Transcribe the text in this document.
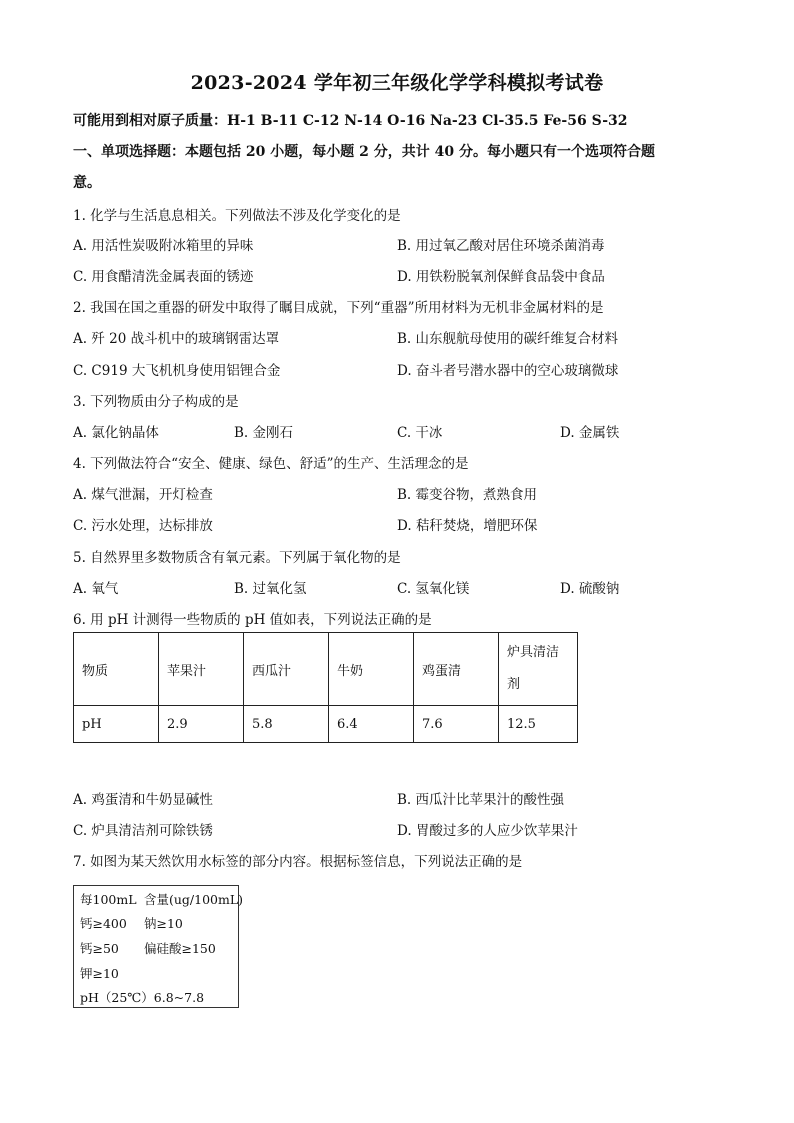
2023-2024 学年初三年级化学学科模拟考试卷
可能用到相对原子质量：H-1 B-11 C-12 N-14 O-16 Na-23 Cl-35.5 Fe-56 S-32
一、单项选择题：本题包括 20 小题，每小题 2 分，共计 40 分。每小题只有一个选项符合题
意。
1. 化学与生活息息相关。下列做法不涉及化学变化的是
A. 用活性炭吸附冰箱里的异味	B. 用过氧乙酸对居住环境杀菌消毒
C. 用食醋清洗金属表面的锈迹	D. 用铁粉脱氧剂保鲜食品袋中食品
2. 我国在国之重器的研发中取得了瞩目成就，下列“重器”所用材料为无机非金属材料的是
A. 歼 20 战斗机中的玻璃钢雷达罩	B. 山东舰航母使用的碳纤维复合材料
C. C919 大飞机机身使用铝锂合金	D. 奋斗者号潜水器中的空心玻璃微球
3. 下列物质由分子构成的是
A. 氯化钠晶体	B. 金刚石	C. 干冰	D. 金属铁
4. 下列做法符合“安全、健康、绿色、舒适”的生产、生活理念的是
A. 煤气泄漏，开灯检查	B. 霉变谷物，煮熟食用
C. 污水处理，达标排放	D. 秸秆焚烧，增肥环保
5. 自然界里多数物质含有氧元素。下列属于氧化物的是
A. 氧气	B. 过氧化氢	C. 氢氧化镁	D. 硫酸钠
6. 用 pH 计测得一些物质的 pH 值如表，下列说法正确的是
物质	苹果汁	西瓜汁	牛奶	鸡蛋清	炉具清洁
剂
pH	2.9	5.8	6.4	7.6	12.5
A. 鸡蛋清和牛奶显碱性	B. 西瓜汁比苹果汁的酸性强
C. 炉具清洁剂可除铁锈	D. 胃酸过多的人应少饮苹果汁
7. 如图为某天然饮用水标签的部分内容。根据标签信息，下列说法正确的是
每100mL 含量(ug/100mL)
钙≥400 钠≥10
钙≥50 偏硅酸≥150
钾≥10
pH（25℃）6.8~7.8
